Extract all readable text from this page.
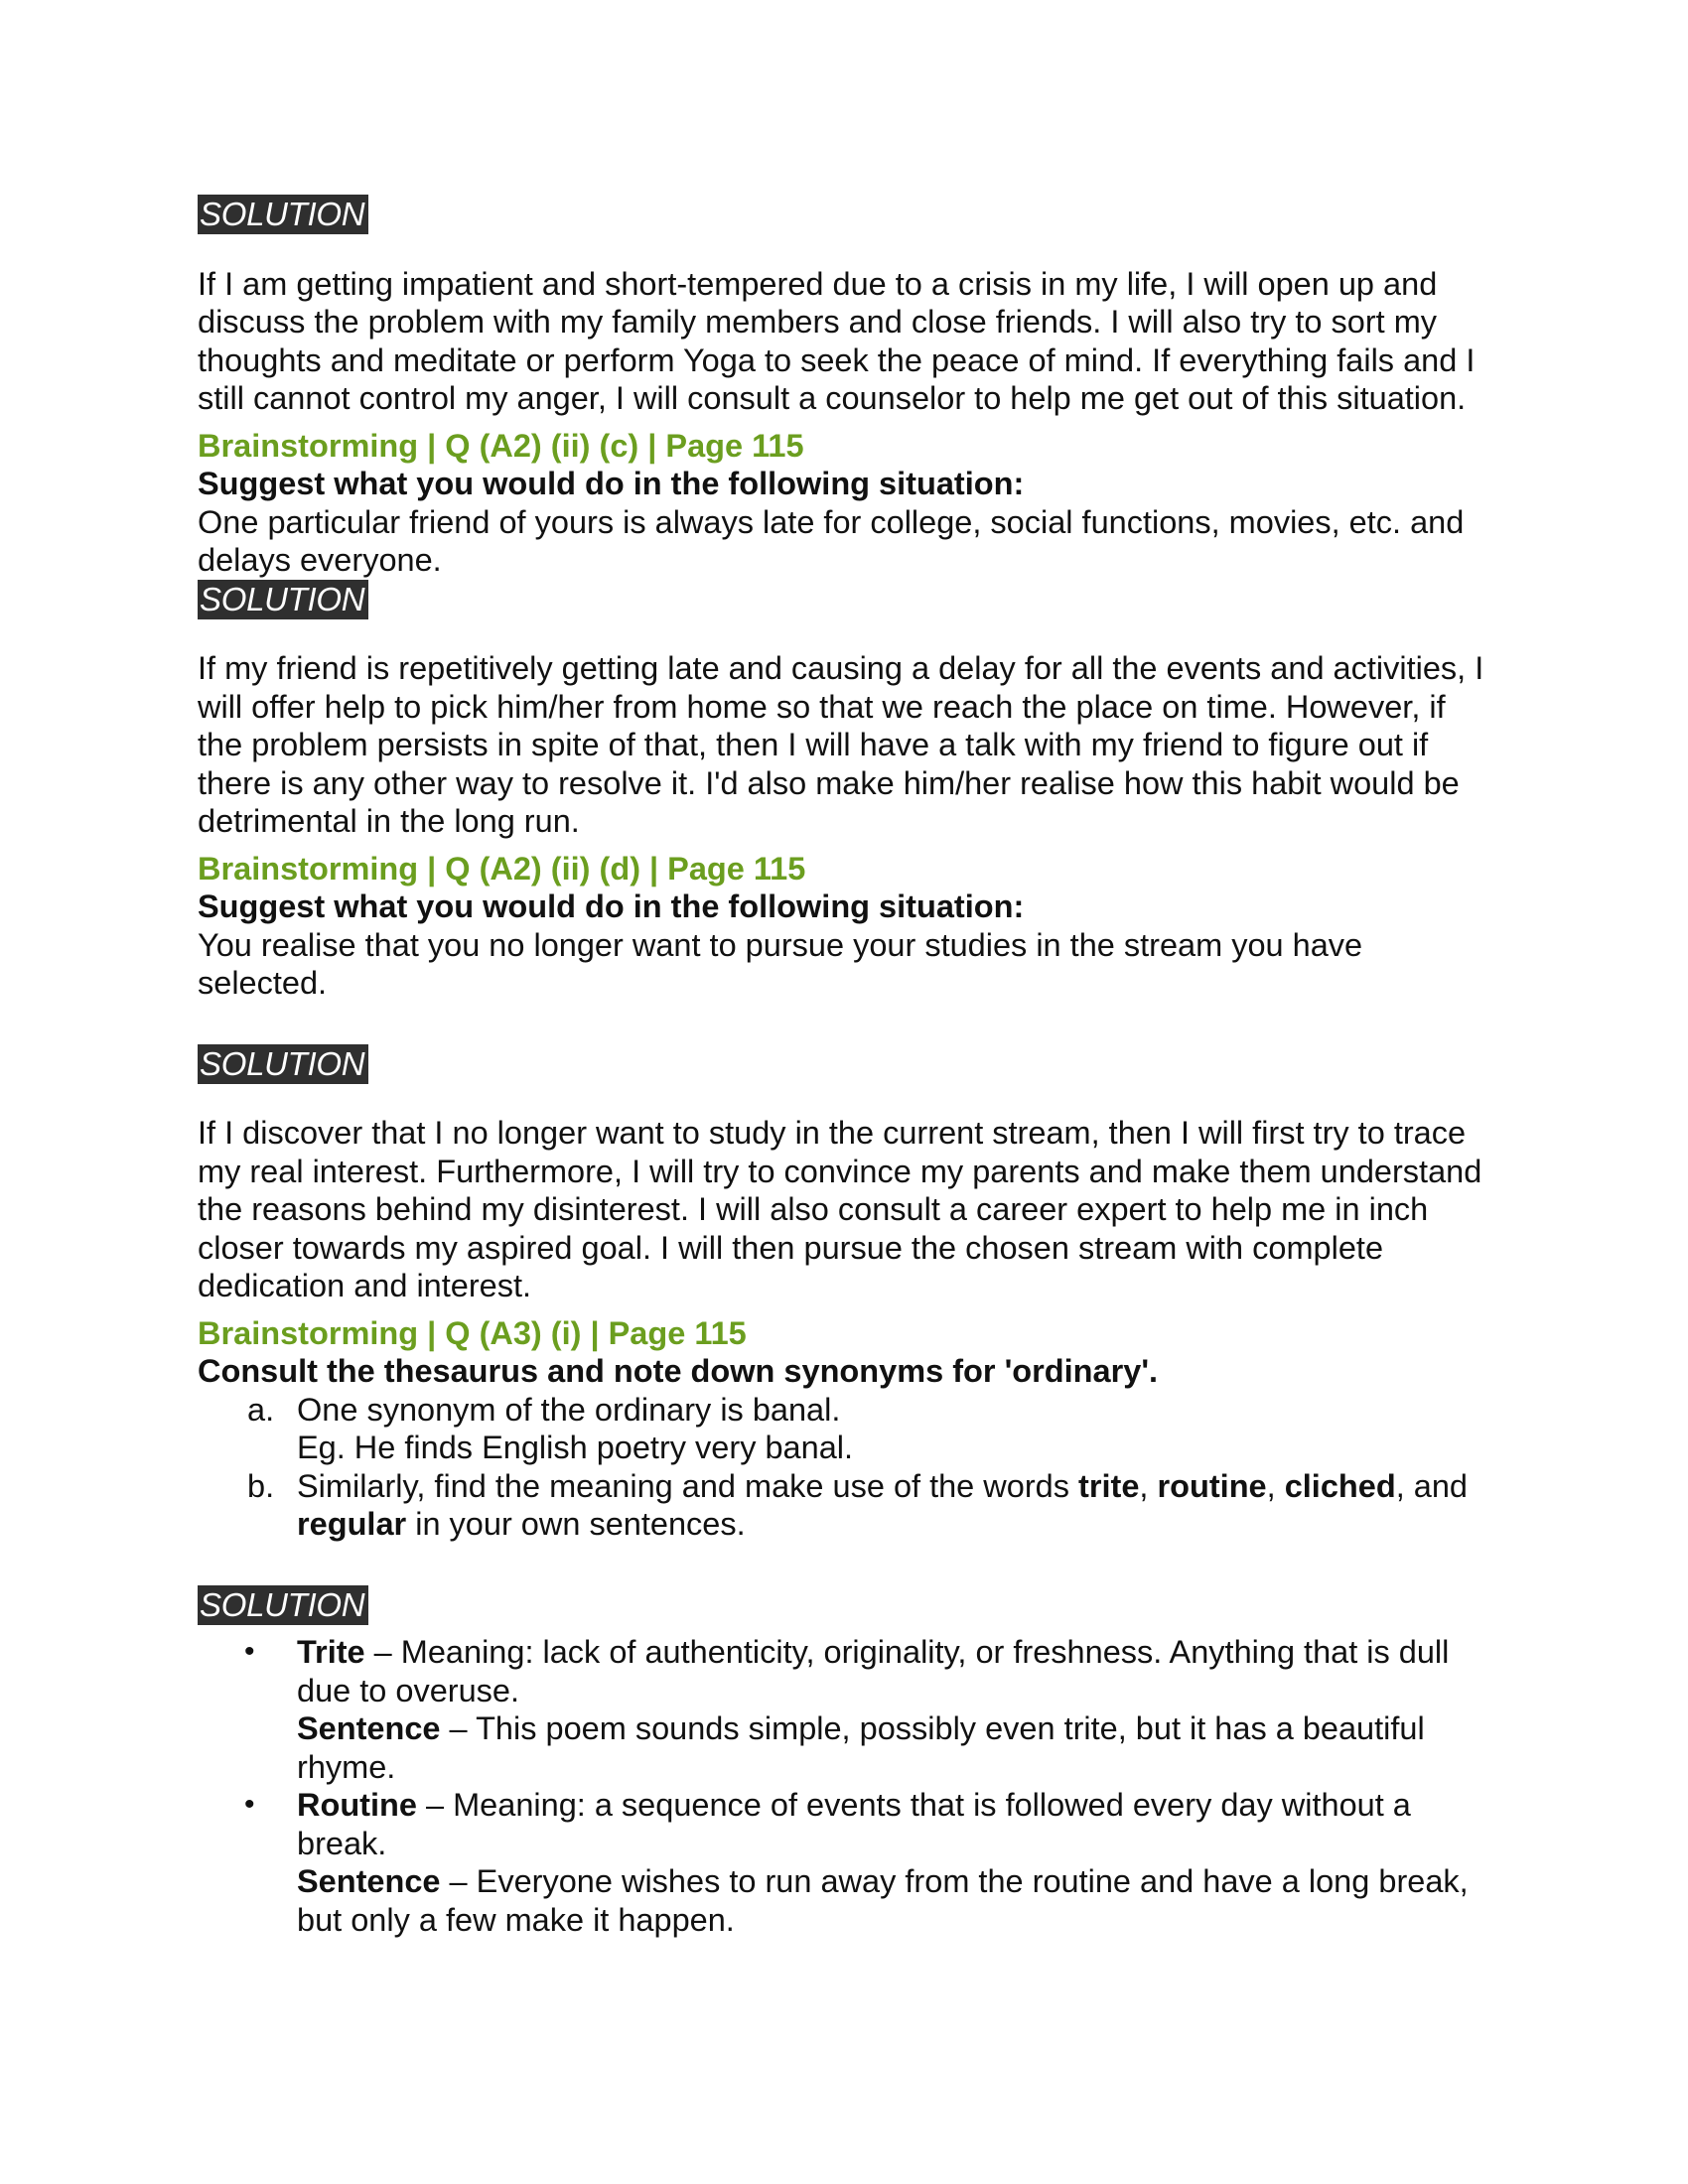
SOLUTION

If I am getting impatient and short-tempered due to a crisis in my life, I will open up and discuss the problem with my family members and close friends. I will also try to sort my thoughts and meditate or perform Yoga to seek the peace of mind. If everything fails and I still cannot control my anger, I will consult a counselor to help me get out of this situation.

Brainstorming | Q (A2) (ii) (c) | Page 115

Suggest what you would do in the following situation:

One particular friend of yours is always late for college, social functions, movies, etc. and delays everyone.

SOLUTION

If my friend is repetitively getting late and causing a delay for all the events and activities, I will offer help to pick him/her from home so that we reach the place on time. However, if the problem persists in spite of that, then I will have a talk with my friend to figure out if there is any other way to resolve it. I'd also make him/her realise how this habit would be detrimental in the long run.

Brainstorming | Q (A2) (ii) (d) | Page 115

Suggest what you would do in the following situation:

You realise that you no longer want to pursue your studies in the stream you have selected.

SOLUTION

If I discover that I no longer want to study in the current stream, then I will first try to trace my real interest. Furthermore, I will try to convince my parents and make them understand the reasons behind my disinterest. I will also consult a career expert to help me in inch closer towards my aspired goal. I will then pursue the chosen stream with complete dedication and interest.

Brainstorming | Q (A3) (i) | Page 115

Consult the thesaurus and note down synonyms for 'ordinary'.

a. One synonym of the ordinary is banal.
Eg. He finds English poetry very banal.
b. Similarly, find the meaning and make use of the words trite, routine, cliched, and regular in your own sentences.
SOLUTION
• Trite – Meaning: lack of authenticity, originality, or freshness. Anything that is dull due to overuse.
Sentence – This poem sounds simple, possibly even trite, but it has a beautiful rhyme.
• Routine – Meaning: a sequence of events that is followed every day without a break.
Sentence – Everyone wishes to run away from the routine and have a long break, but only a few make it happen.
